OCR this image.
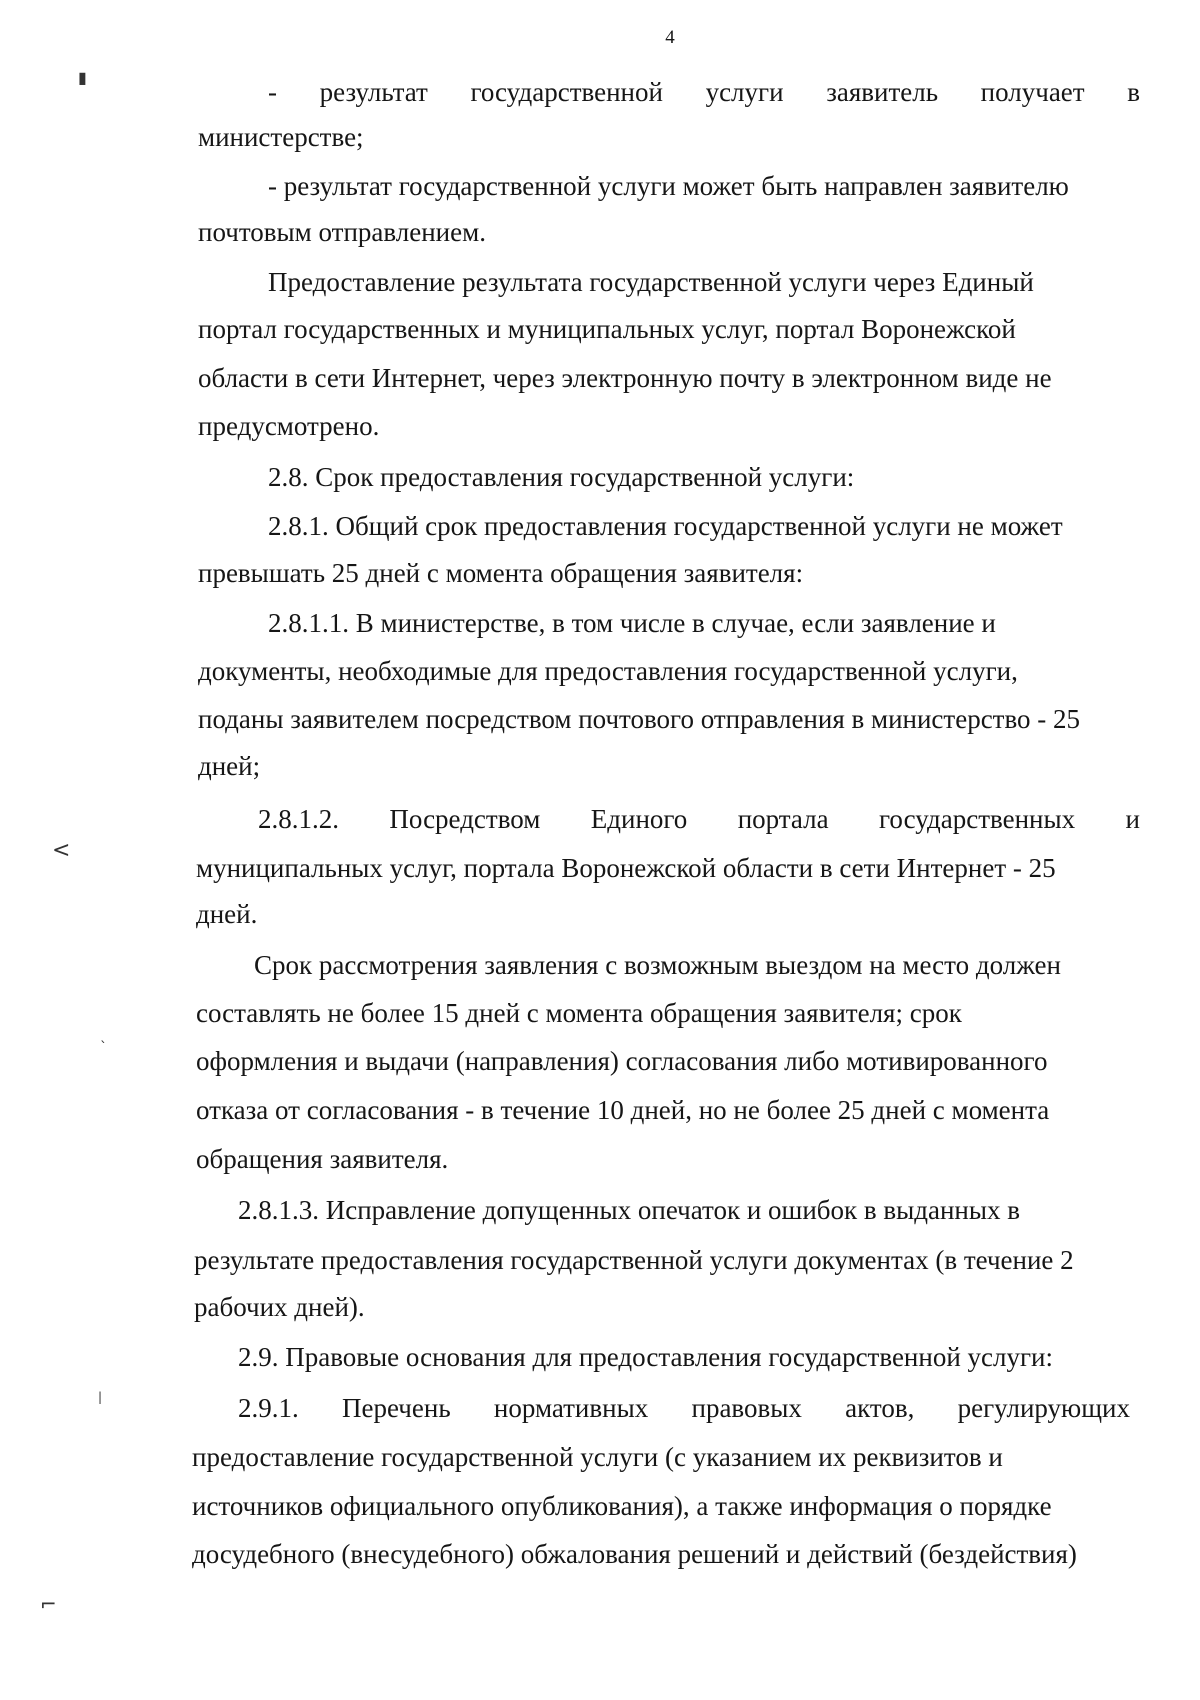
4
▮
<
`
|
⌐
- результат государственной услуги заявитель получает в

министерстве;

- результат государственной услуги может быть направлен заявителю

почтовым отправлением.

Предоставление результата государственной услуги через Единый

портал государственных и муниципальных услуг, портал Воронежской

области в сети Интернет, через электронную почту в электронном виде не

предусмотрено.

2.8. Срок предоставления государственной услуги:

2.8.1. Общий срок предоставления государственной услуги не может

превышать 25 дней с момента обращения заявителя:

2.8.1.1. В министерстве, в том числе в случае, если заявление и

документы, необходимые для предоставления государственной услуги,

поданы заявителем посредством почтового отправления в министерство - 25

дней;

2.8.1.2. Посредством Единого портала государственных и

муниципальных услуг, портала Воронежской области в сети Интернет - 25

дней.

Срок рассмотрения заявления с возможным выездом на место должен

составлять не более 15 дней с момента обращения заявителя; срок

оформления и выдачи (направления) согласования либо мотивированного

отказа от согласования - в течение 10 дней, но не более 25 дней с момента

обращения заявителя.

2.8.1.3. Исправление допущенных опечаток и ошибок в выданных в

результате предоставления государственной услуги документах (в течение 2

рабочих дней).

2.9. Правовые основания для предоставления государственной услуги:

2.9.1. Перечень нормативных правовых актов, регулирующих

предоставление государственной услуги (с указанием их реквизитов и

источников официального опубликования), а также информация о порядке

досудебного (внесудебного) обжалования решений и действий (бездействия)
